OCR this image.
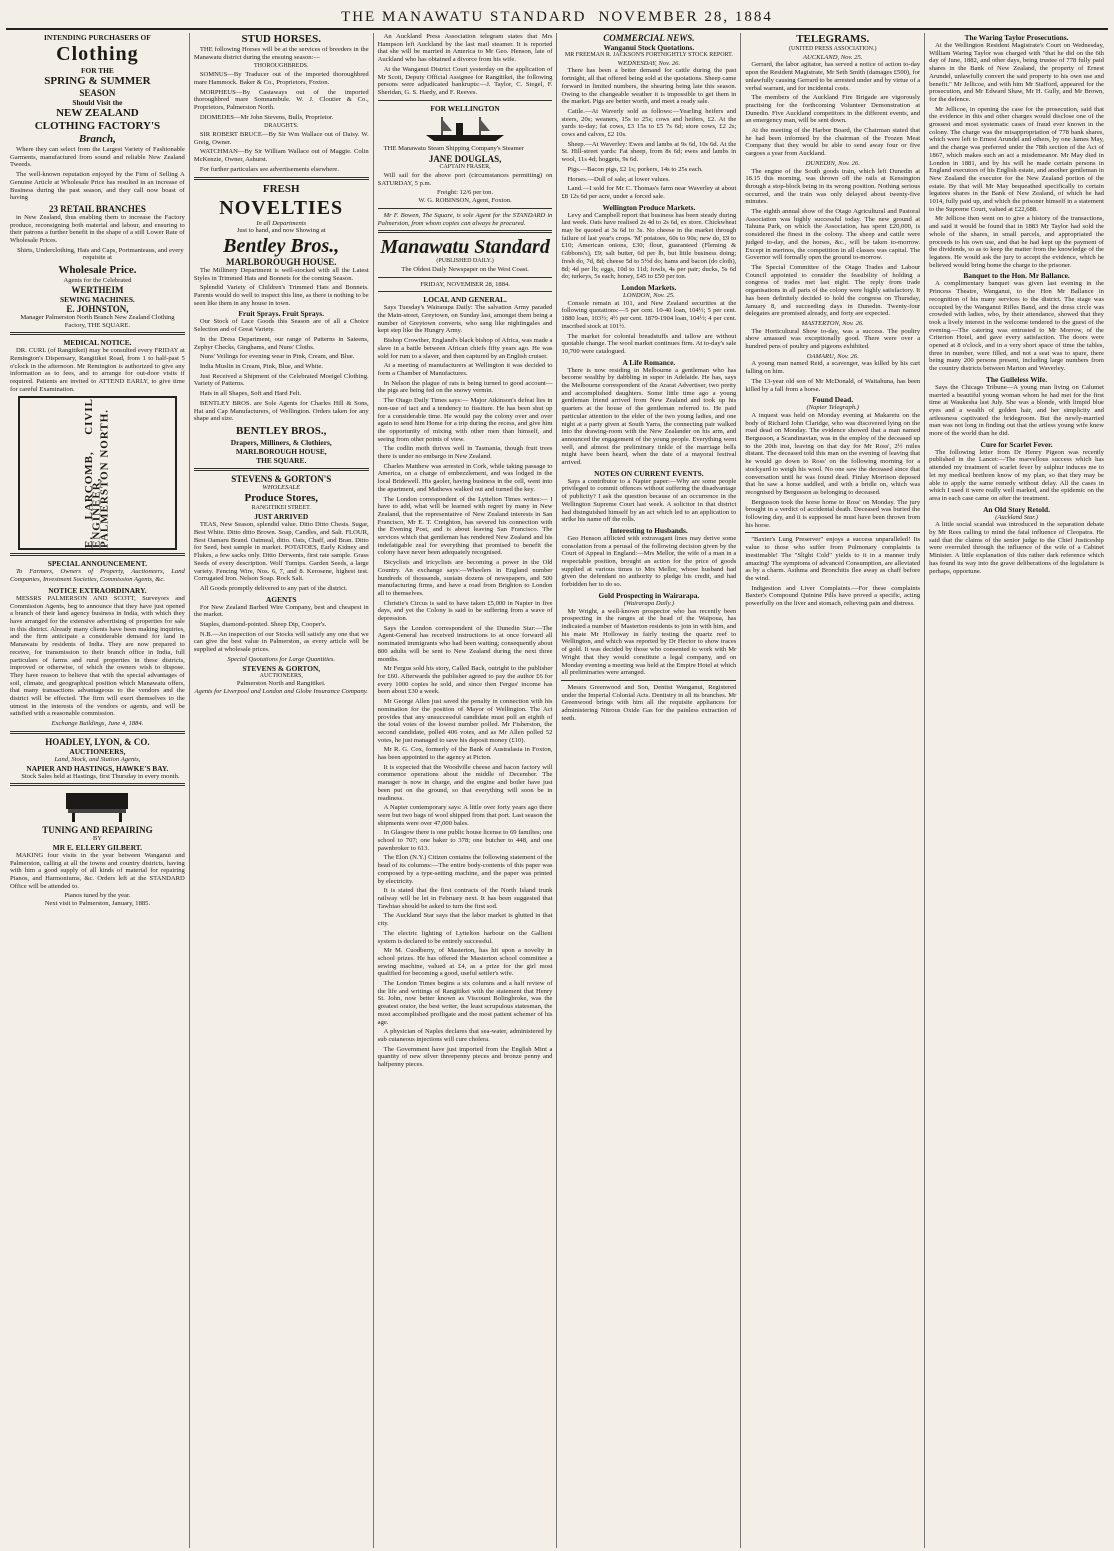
THE MANAWATU STANDARD NOVEMBER 28, 1884
INTENDING PURCHASERS OF
Clothing
FOR THE
SPRING & SUMMER
SEASON
Should Visit the
NEW ZEALAND
CLOTHING FACTORY'S
Branch,

Where they can select from the Largest Variety of Fashionable Garments, manufactured from sound and reliable New Zealand Tweeds.

The well-known reputation enjoyed by the Firm of Selling A Genuine Article at Wholesale Price has resulted in an increase of Business during the past season, and they call now boast of having

23 RETAIL BRANCHES

in New Zealand, thus enabling them to increase the Factory produce, reconsigning both material and labour, and ensuring to their patrons a further benefit in the shape of a still Lower Rate of Wholesale Prices.

Shirts, Underclothing, Hats and Caps, Portmanteaus, and every requisite at

Wholesale Price.
Agents for the Celebrated
WERTHEIM
SEWING MACHINES.
E. JOHNSTON,
Manager Palmerston North Branch New Zealand Clothing Factory, THE SQUARE.
MEDICAL NOTICE.

DR. CURL (of Rangitikei) may be consulted every FRIDAY at Remington's Dispensary, Rangitikei Road, from 1 to half-past 5 o'clock in the afternoon. Mr Remington is authorized to give any information as to fees, and to arrange for out-door visits if required. Patients are invited to ATTEND EARLY, to give time for careful Examination.

E. LARCOMB, CIVIL ENGINEER, PALMERSTON NORTH.
SPECIAL ANNOUNCEMENT.

To Farmers, Owners of Property, Auctioneers, Land Companies, Investment Societies, Commission Agents, &c.

NOTICE EXTRAORDINARY.

MESSRS PALMERSON AND SCOTT, Surveyors and Commission Agents, beg to announce that they have just opened a branch of their land agency business in India, with which they have arranged for the extensive advertising of properties for sale in this district. Already many clients have been making inquiries, and the firm anticipate a considerable demand for land in Manawatu by residents of India. They are now prepared to receive, for transmission to their branch office in India, full particulars of farms and rural properties in these districts, improved or otherwise, of which the owners wish to dispose. They have reason to believe that with the special advantages of soil, climate, and geographical position which Manawatu offers, that many transactions advantageous to the vendors and the district will be effected. The firm will exert themselves to the utmost in the interests of the vendors or agents, and will be satisfied with a reasonable commission.

Exchange Buildings, June 4, 1884.
HOADLEY, LYON, & CO.
AUCTIONEERS,
Land, Stock, and Station Agents,
NAPIER AND HASTINGS, HAWKE'S BAY.

Stock Sales held at Hastings, first Thursday in every month.

TUNING AND REPAIRING
BY
MR E. ELLERY GILBERT.

MAKING four visits in the year between Wanganui and Palmerston, calling at all the towns and country districts, having with him a good supply of all kinds of material for repairing Pianos, and Harmoniums, &c. Orders left at the STANDARD Office will be attended to.

Pianos tuned by the year.
Next visit to Palmerston, January, 1885.
STUD HORSES.

THE following Horses will be at the services of breeders in the Manawatu district during the ensuing season:—

THOROUGHBREDS.

SOMNUS—By Traducer out of the imported thoroughbred mare Hammock. Baker & Co., Proprietors, Foxton.

MORPHEUS—By Castaways out of the imported thoroughbred mare Somnambule. W. J. Cloutier & Co., Proprietors, Palmerston North.

DIOMEDES—Mr John Stevens, Bulls, Proprietor.

DRAUGHTS.

SIR ROBERT BRUCE—By Sir Wm Wallace out of Daisy. W. Greig, Owner.

WATCHMAN—By Sir William Wallace out of Maggie. Colin McKenzie, Owner, Ashurst.

For further particulars see advertisements elsewhere.

FRESH
NOVELTIES
In all Departments
Just to hand, and now Showing at
Bentley Bros.,
MARLBOROUGH HOUSE.

The Millinery Department is well-stocked with all the Latest Styles in Trimmed Hats and Bonnets for the coming Season.

Splendid Variety of Children's Trimmed Hats and Bonnets. Parents would do well to inspect this line, as there is nothing to be seen like them in any house in town.

Fruit Sprays. Fruit Sprays.

Our Stock of Lace Goods this Season are of all a Choice Selection and of Great Variety.

In the Dress Department, our range of Patterns in Sateens, Zephyr Checks, Ginghams, and Nuns' Cloths.

Nuns' Veilings for evening wear in Pink, Cream, and Blue.

India Muslin in Cream, Pink, Blue, and White.

Just Received a Shipment of the Celebrated Moeigel Clothing. Variety of Patterns.

Hats in all Shapes, Soft and Hard Felt.

BENTLEY BROS. are Sole Agents for Charles Hill & Sons, Hat and Cap Manufacturers, of Wellington. Orders taken for any shape and size.

BENTLEY BROS.,
Drapers, Milliners, & Clothiers,
MARLBOROUGH HOUSE,
THE SQUARE.
STEVENS & GORTON'S
WHOLESALE
Produce Stores,
RANGITIKEI STREET.
JUST ARRIVED

TEAS, New Season, splendid value. Ditto Ditto Chests. Sugar, Best White. Ditto ditto Brown. Soap, Candles, and Salt. FLOUR, Best Oamaru Brand. Oatmeal, ditto. Oats, Chaff, and Bran. Ditto for Seed, best sample in market. POTATOES, Early Kidney and Flukes, a few sacks only. Ditto Derwents, first rate sample. Grass Seeds of every description. Wolf Turnips. Garden Seeds, a large variety. Fencing Wire, Nos. 6, 7, and 8. Kerosene, highest test. Corrugated Iron. Nelson Soap. Rock Salt.

All Goods promptly delivered to any part of the district.

AGENTS

For New Zealand Barbed Wire Company, best and cheapest in the market.

Staples, diamond-pointed. Sheep Dip, Cooper's.

N.B.—An inspection of our Stocks will satisfy any one that we can give the best value in Palmerston, as every article will be supplied at wholesale prices.

Special Quotations for Large Quantities.
STEVENS & GORTON,
AUCTIONEERS,
Palmerston North and Rangitikei.
Agents for Liverpool and London and Globe Insurance Company.

An Auckland Press Association telegram states that Mrs Hampson left Auckland by the last mail steamer. It is reported that she will be married in America to Mr Geo. Henson, late of Auckland who has obtained a divorce from his wife.

At the Wanganui District Court yesterday on the application of Mr Scott, Deputy Official Assignee for Rangitikei, the following persons were adjudicated bankrupts:—J. Taylor, C. Siegel, F. Sheridan, G. S. Hardy, and F. Reeves.

FOR WELLINGTON

THE Manawatu Steam Shipping Company's Steamer

JANE DOUGLAS,
CAPTAIN FRASER,

Will sail for the above port (circumstances permitting) on SATURDAY, 5 p.m.

Freight: 12/6 per ton.
W. G. ROBINSON, Agent, Foxton.

Mr F. Bowen, The Square, is sole Agent for the STANDARD in Palmerston, from whom copies can always be procured.

Manawatu Standard
(PUBLISHED DAILY.)
The Oldest Daily Newspaper on the West Coast.
FRIDAY, NOVEMBER 28, 1884.
LOCAL AND GENERAL.

Says Tuesday's Wairarapa Daily: The salvation Army paraded the Main-street, Greytown, on Sunday last, amongst them being a number of Greytown converts, who sang like nightingales and kept step like the Hungry Army.

Bishop Crowther, England's black bishop of Africa, was made a slave in a battle between African chiefs fifty years ago. He was sold for rum to a slaver, and then captured by an English cruiser.

At a meeting of manufacturers at Wellington it was decided to form a Chamber of Manufactures.

In Nelson the plague of rats is being turned to good account—the pigs are being fed on the snowy vermin.

The Otago Daily Times says:— Major Atkinson's defeat lies in non-use of tact and a tendency to fissiture. He has been shut up for a considerable time. He would pay the colony over and over again to send him Home for a trip during the recess, and give him the opportunity of mixing with other men than himself, and seeing from other points of view.

The codlin moth thrives well in Tasmania, though fruit trees there is under no embargo in New Zealand.

Charles Matthew was arrested in Cork, while taking passage to America, on a charge of embezzlement, and was lodged in the local Bridewell. His gaoler, having business in the cell, went into the apartment, and Mathews walked out and turned the key.

The London correspondent of the Lyttelton Times writes:— I have to add, what will be learned with regret by many in New Zealand, that the representative of New Zealand interests in San Francisco, Mr E. T. Creighton, has severed his connection with the Evening Post, and is about leaving San Francisco. The services which that gentleman has rendered New Zealand and his indefatigable zeal for everything that promised to benefit the colony have never been adequately recognised.

Bicyclists and tricyclists are becoming a power in the Old Country. An exchange says:—Wheelers in England number hundreds of thousands, sustain dozens of newspapers, and 500 manufacturing firms, and have a road from Brighton to London all to themselves.

Christie's Circus is said to have taken £5,000 in Napier in five days, and yet the Colony is said to be suffering from a wave of depression.

Says the London correspondent of the Dunedin Star:—The Agent-General has received instructions to at once forward all nominated immigrants who had been waiting; consequently about 800 adults will be sent to New Zealand during the next three months.

Mr Fergus sold his story, Called Back, outright to the publisher for £60. Afterwards the publisher agreed to pay the author £6 for every 1000 copies he sold, and since then Fergus' income has been about £30 a week.

Mr George Allen just saved the penalty in connection with his nomination for the position of Mayor of Wellington. The Act provides that any unsuccessful candidate must poll an eighth of the total votes of the lowest number polled. Mr Fisherston, the second candidate, polled 406 votes, and as Mr Allen polled 52 votes, he just managed to save his deposit money (£10).

Mr R. G. Cox, formerly of the Bank of Australasia in Foxton, has been appointed to the agency at Picton.

It is expected that the Woodville cheese and bacon factory will commence operations about the middle of December. The manager is now in charge, and the engine and boiler have just been put on the ground, so that everything will soon be in readiness.

A Napier contemporary says: A little over forty years ago there were but two bags of wool shipped from that port. Last season the shipments were over 47,000 bales.

In Glasgow there is one public house license to 69 families; one school to 707; one baker to 378; one butcher to 448, and one pawnbroker to 613.

The Elon (N.Y.) Citizen contains the following statement of the head of its columns:—The entire body-contents of this paper was composed by a type-setting machine, and the paper was printed by electricity.

It is stated that the first contracts of the North Island trunk railway will be let in February next. It has been suggested that Tawhiao should be asked to turn the first sod.

The Auckland Star says that the labor market is glutted in that city.

The electric lighting of Lyttelton harbour on the Gallieni system is declared to be entirely successful.

Mr M. Cuodberry, of Masterton, has hit upon a novelty in school prizes. He has offered the Masterton school committee a sewing machine, valued at £4, as a prize for the girl most qualified for becoming a good, useful settler's wife.

The London Times begins a six columns and a half review of the life and writings of Rangitikei with the statement that Henry St. John, now better known as Viscount Bolingbroke, was the greatest orator, the best writer, the least scrupulous statesman, the most accomplished profligate and the most patient schemer of his age.

A physician of Naples declares that sea-water, administered by sub cutaneous injections will cure cholera.

The Government have just imported from the English Mint a quantity of new silver threepenny pieces and bronze penny and halfpenny pieces.

COMMERCIAL NEWS.
Wanganui Stock Quotations.
MR FREEMAN R. JACKSON'S FORTNIGHTLY STOCK REPORT.
WEDNESDAY, Nov. 26.

There has been a better demand for cattle during the past fortnight, all that offered being sold at the quotations. Sheep came forward in limited numbers, the shearing being late this season. Owing to the changeable weather it is impossible to get them in the market. Pigs are better worth, and meet a ready sale.

Cattle.—At Waverly sold as follows:—Yearling heifers and steers, 20s; weaners, 15s to 25s; cows and heifers, £2. At the yards to-day; fat cows, £3 15s to £5 7s 6d; store cows, £2 2s; cows and calves, £2 10s.

Sheep.—At Waverley: Ewes and lambs at 9s 6d, 10s 6d. At the St. Hill-street yards: Fat sheep, from 8s 6d; ewes and lambs in wool, 11s 4d; hoggets, 9s 6d.

Pigs.—Bacon pigs, £2 1s; porkers, 14s to 25s each.

Horses.—Dull of sale; at lower values.

Land.—I sold for Mr C. Thomas's farm near Waverley at about £8 12s 6d per acre, under a forced sale.

Wellington Produce Markets.

Levy and Campbell report that business has been steady during last week. Oats have realised 2s 4d to 2s 6d, ex store. Chickwheat may be quoted at 3s 6d to 3s. No cheese in the market through failure of last year's crops. 'M' potatoes, 60s to 90s; new do, £9 to £10; American onions, £30; flour, guaranteed (Fleming & Gibbons's), £9; salt butter, 6d per lb, but little business doing; fresh do, 7d, 8d; cheese 5d to 5½d do; hams and bacon (do cloth), 8d; 4d per lb; eggs, 10d to 11d; fowls, 4s per pair; ducks, 5s 6d do; turkeys, 5s each; honey, £45 to £50 per ton.

London Markets.
LONDON, Nov. 25.

Console remain at 101, and New Zealand securities at the following quotations:—5 per cent. 10-40 loan, 104½; 5 per cent. 1880 loan, 103½; 4½ per cent. 1879-1904 loan, 104½; 4 per cent. inscribed stock at 101½.

The market for colonial breadstuffs and tallow are without quotable change. The wool market continues firm. At to-day's sale 10,700 were catalogued.

A Life Romance.

There is now residing in Melbourne a gentleman who has become wealthy by dabbling in super in Adelaide. He has, says the Melbourne correspondent of the Ararat Advertiser, two pretty and accomplished daughters. Some little time ago a young gentleman friend arrived from New Zealand and took up his quarters at the house of the gentleman referred to. He paid particular attention to the elder of the two young ladies, and one night at a party given at South Yarra, the connecting pair walked into the drawing-room with the New Zealander on his arm, and announced the engagement of the young people. Everything went well, and almost the preliminary tinkle of the marriage bells might have been heard, when the date of a mayoral festival arrived.

NOTES ON CURRENT EVENTS.

Says a contributor to a Napier paper:—Why are some people privileged to commit offences without suffering the disadvantage of publicity? I ask the question because of an occurrence in the Wellington Supreme Court last week. A solicitor in that district had disinguished himself by an act which led to an application to strike his name off the rolls.

Interesting to Husbands.

Geo Henson afflicted with extravagant lines may derive some consolation from a perusal of the following decision given by the Court of Appeal in England:—Mrs Mellor, the wife of a man in a respectable position, brought an action for the price of goods supplied at various times to Mrs Mellor, whose husband had given the defendant no authority to pledge his credit, and had forbidden her to do so.

Gold Prospecting in Wairarapa.
(Wairarapa Daily.)

Mr Wright, a well-known prospector who has recently been prospecting in the ranges at the head of the Waipoua, has indicated a number of Masterton residents to join in with him, and his mate Mr Holloway in fairly testing the quartz reef to Wellington, and which was reported by Dr Hector to show traces of gold. It was decided by those who consented to work with Mr Wright that they would constitute a legal company, and on Monday evening a meeting was held at the Empire Hotel at which all preliminaries were arranged.

Messrs Greenwood and Son, Dentist Wanganui, Registered under the Imperial Colonial Acts. Dentistry in all its branches. Mr Greenwood brings with him all the requisite appliances for administering Nitrous Oxide Gas for the painless extraction of teeth.

TELEGRAMS.
(UNITED PRESS ASSOCIATION.)
AUCKLAND, Nov. 25.

Gerrard, the labor agitator, has served a notice of action to-day upon the Resident Magistrate, Mr Seth Smith (damages £500), for unlawfully causing Gerrard to be arrested under and by virtue of a verbal warrant, and for incidental costs.

The members of the Auckland Fire Brigade are vigorously practising for the forthcoming Volunteer Demonstration at Dunedin. Five Auckland competitors in the different events, and an emergency man, will be sent down.

At the meeting of the Harbor Board, the Chairman stated that he had been informed by the chairman of the Frozen Meat Company that they would be able to send away four or five cargoes a year from Auckland.

DUNEDIN, Nov. 26.

The engine of the South goods train, which left Dunedin at 18.15 this morning, was thrown off the rails at Kensington through a stop-block being in its wrong position. Nothing serious occurred, and the train was only delayed about twenty-five minutes.

The eighth annual show of the Otago Agricultural and Pastoral Association was highly successful today. The new ground at Tahuna Park, on which the Association, has spent £20,000, is considered the finest in the colony. The sheep and cattle were judged to-day, and the horses, &c., will be taken to-morrow. Except in merinos, the competition in all classes was capital. The Governor will formally open the ground to-morrow.

The Special Committee of the Otago Trades and Labour Council appointed to consider the feasibility of holding a congress of trades met last night. The reply from trade organisations in all parts of the colony were highly satisfactory. It has been definitely decided to hold the congress on Thursday, January 8, and succeeding days in Dunedin. Twenty-four delegates are promised already, and forty are expected.

MASTERTON, Nov. 26.

The Horticultural Show to-day, was a success. The poultry show amassed was exceptionally good. There were over a hundred pens of poultry and pigeons exhibited.

OAMARU, Nov. 26.

A young man named Reid, a scavenger, was killed by his cart falling on him.

The 13-year old son of Mr McDonald, of Waitahuna, has been killed by a fall from a horse.

Found Dead.
(Napier Telegraph.)

A inquest was held on Monday evening at Makaretu on the body of Richard John Claridge, who was discovered lying on the road dead on Monday. The evidence showed that a man named Bergusson, a Scandinavian, was in the employ of the deceased up to the 20th inst, leaving on that day for Mr Ross', 2½ miles distant. The deceased told this man on the evening of leaving that he would go down to Ross' on the following morning for a stockyard to weigh his wool. No one saw the deceased since that conversation until he was found dead. Finlay Morrison deposed that he saw a horse saddled, and with a bridle on, which was recognised by Bergusson as belonging to deceased.

Bergusson took the horse home to Ross' on Monday. The jury brought in a verdict of accidental death. Deceased was buried the following day, and it is supposed he must have been thrown from his horse.

"Baxter's Lung Preserver" enjoys a success unparalleled! Its value to those who suffer from Pulmonary complaints is inestimable! The "Slight Cold" yields to it in a manner truly amazing! The symptoms of advanced Consumption, are alleviated as by a charm. Asthma and Bronchitis flee away as chaff before the wind.

Indigestion and Liver Complaints.—For these complaints Baxter's Compound Quinine Pills have proved a specific, acting powerfully on the liver and stomach, relieving pain and distress.

The Waring Taylor Prosecutions.

At the Wellington Resident Magistrate's Court on Wednesday, William Waring Taylor was charged with "that he did on the 6th day of June, 1882, and other days, being trustee of 778 fully paid shares in the Bank of New Zealand, the property of Ernest Arundel, unlawfully convert the said property to his own use and benefit." Mr Jellicoe, and with him Mr Stafford, appeared for the prosecution, and Mr Edward Shaw, Mr H. Gully, and Mr Brown, for the defence.

Mr Jellicoe, in opening the case for the prosecution, said that the evidence in this and other charges would disclose one of the grossest and most systematic cases of fraud ever known in the colony. The charge was the misappropriation of 778 bank shares, which were left to Ernest Arundel and others, by one James May, and the charge was preferred under the 78th section of the Act of 1867, which makes such an act a misdemeanor. Mr May died in London in 1881, and by his will he made certain persons in England executors of his English estate, and another gentleman in New Zealand the executor for the New Zealand portion of the estate. By that will Mr May bequeathed specifically to certain legatees shares in the Bank of New Zealand, of which he had 1014, fully paid up, and which the prisoner himself in a statement to the Supreme Court, valued at £22,688.

Mr Jellicoe then went on to give a history of the transactions, and said it would be found that in 1883 Mr Taylor had sold the whole of the shares, in small parcels, and appropriated the proceeds to his own use, and that he had kept up the payment of the dividends, so as to keep the matter from the knowledge of the legatees. He would ask the jury to accept the evidence, which he believed would bring home the charge to the prisoner.

Banquet to the Hon. Mr Ballance.

A complimentary banquet was given last evening in the Princess Theatre, Wanganui, to the Hon Mr Ballance in recognition of his many services to the district. The stage was occupied by the Wanganui Rifles Band, and the dress circle was crowded with ladies, who, by their attendance, showed that they took a lively interest in the welcome tendered to the guest of the evening.—The catering was entrusted to Mr Morrow, of the Criterion Hotel, and gave every satisfaction. The doors were opened at 8 o'clock, and in a very short space of time the tables, three in number, were filled, and not a seat was to spare, there being many 200 persons present, including large numbers from the country districts between Marton and Waverley.

The Guileless Wife.

Says the Chicago Tribune—A young man living on Calumet married a beautiful young woman whom he had met for the first time at Waukesha last July. She was a blonde, with limpid blue eyes and a wealth of golden hair, and her simplicity and artlessness captivated the bridegroom. But the newly-married man was not long in finding out that the artless young wife knew more of the world than he did.

Cure for Scarlet Fever.

The following letter from Dr Henry Pigeon was recently published in the Lancet:—The marvellous success which has attended my treatment of scarlet fever by sulphur induces me to let my medical brethren know of my plan, so that they may be able to apply the same remedy without delay. All the cases in which I used it were really well marked, and the epidemic on the area in each case came on after the treatment.

An Old Story Retold.
(Auckland Star.)

A little social scandal was introduced in the separation debate by Mr Rees calling to mind the fatal influence of Cleopatra. He said that the claims of the senior judge to the Chief Justiceship were overruled through the influence of the wife of a Cabinet Minister. A little explanation of this rather dark reference which has found its way into the grave deliberations of the legislature is perhaps, opportune.
